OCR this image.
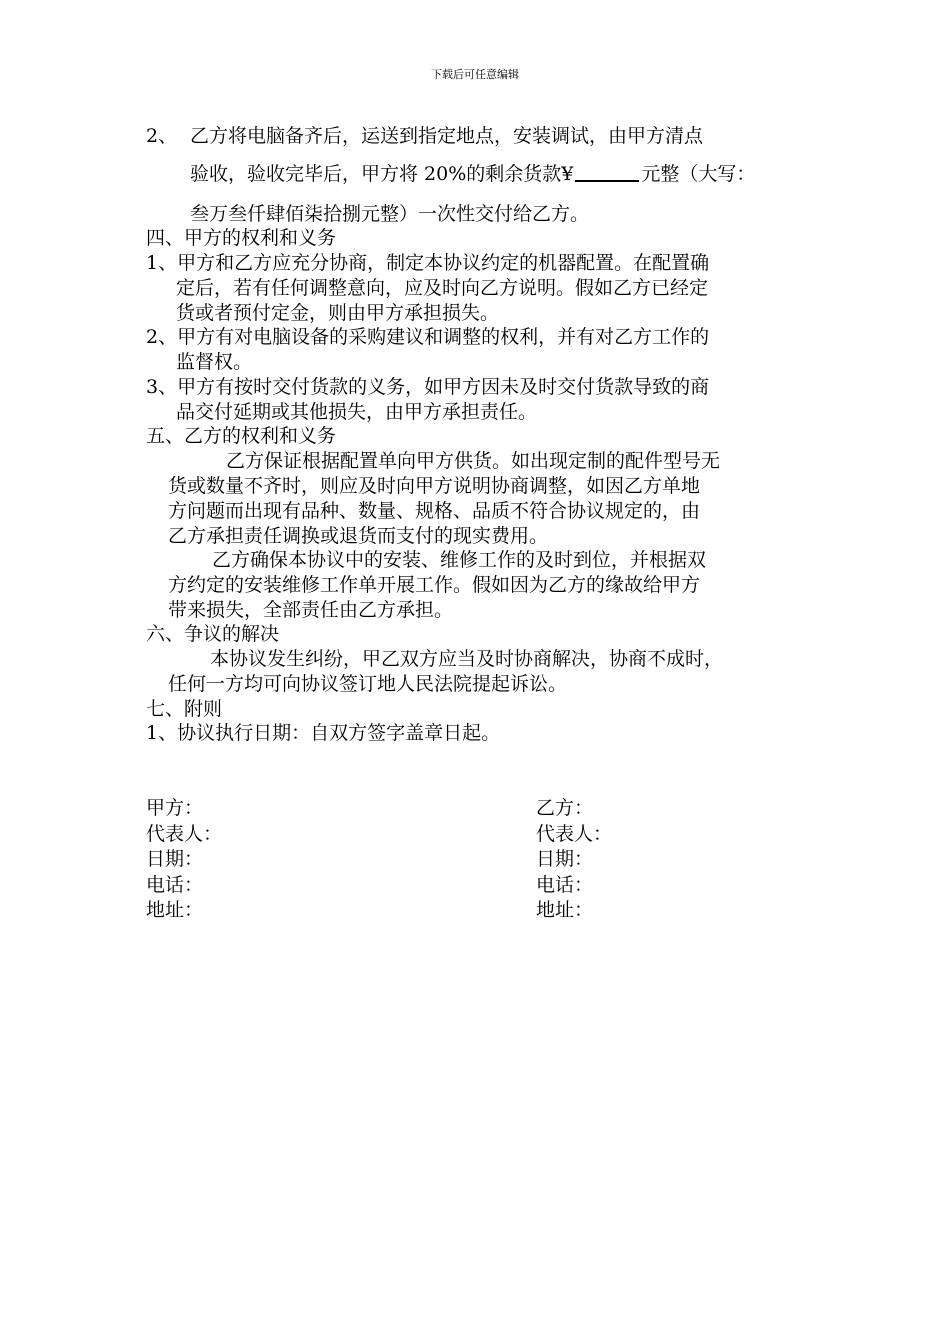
下载后可任意编辑
2、 乙方将电脑备齐后，运送到指定地点，安装调试，由甲方清点
验收，验收完毕后，甲方将 20%的剩余货款¥	元整（大写：
叁万叁仟肆佰柒拾捌元整）一次性交付给乙方。
四、甲方的权利和义务
1、甲方和乙方应充分协商，制定本协议约定的机器配置。在配置确
定后，若有任何调整意向，应及时向乙方说明。假如乙方已经定
货或者预付定金，则由甲方承担损失。
2、甲方有对电脑设备的采购建议和调整的权利，并有对乙方工作的
监督权。
3、甲方有按时交付货款的义务，如甲方因未及时交付货款导致的商
品交付延期或其他损失，由甲方承担责任。
五、乙方的权利和义务
乙方保证根据配置单向甲方供货。如出现定制的配件型号无
货或数量不齐时，则应及时向甲方说明协商调整，如因乙方单地
方问题而出现有品种、数量、规格、品质不符合协议规定的，由
乙方承担责任调换或退货而支付的现实费用。
乙方确保本协议中的安装、维修工作的及时到位，并根据双
方约定的安装维修工作单开展工作。假如因为乙方的缘故给甲方
带来损失，全部责任由乙方承担。
六、争议的解决
本协议发生纠纷，甲乙双方应当及时协商解决，协商不成时，
任何一方均可向协议签订地人民法院提起诉讼。
七、附则
1、协议执行日期：自双方签字盖章日起。
甲方：
代表人：
日期：
电话：
地址：
乙方：
代表人：
日期：
电话：
地址：
